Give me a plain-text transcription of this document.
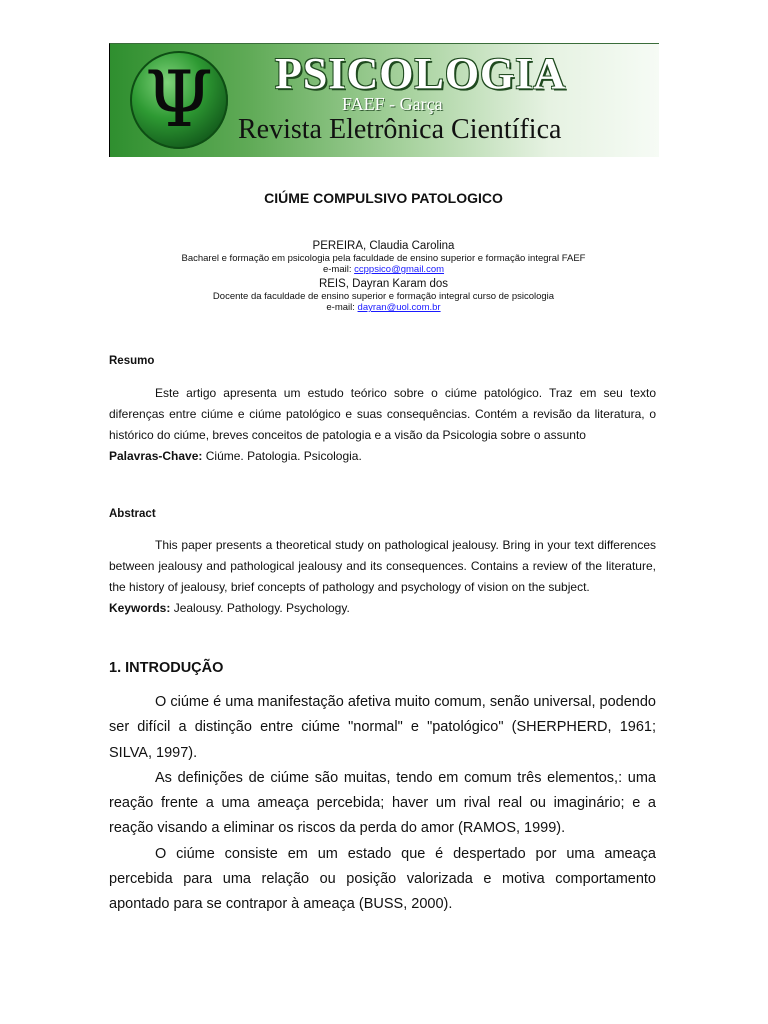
Ψ	PSICOLOGIA
FAEF - Garça
Revista Eletrônica Científica
CIÚME COMPULSIVO PATOLOGICO
PEREIRA, Claudia Carolina
Bacharel e formação em psicologia pela faculdade de ensino superior e formação integral FAEF
e-mail: ccppsico@gmail.com
REIS, Dayran Karam dos
Docente da faculdade de ensino superior e formação integral curso de psicologia
e-mail: dayran@uol.com.br
Resumo

Este artigo apresenta um estudo teórico sobre o ciúme patológico. Traz em seu texto diferenças entre ciúme e ciúme patológico e suas consequências. Contém a revisão da literatura, o histórico do ciúme, breves conceitos de patologia e a visão da Psicologia sobre o assunto

Palavras-Chave: Ciúme. Patologia. Psicologia.

Abstract

This paper presents a theoretical study on pathological jealousy. Bring in your text differences between jealousy and pathological jealousy and its consequences. Contains a review of the literature, the history of jealousy, brief concepts of pathology and psychology of vision on the subject.

Keywords: Jealousy. Pathology. Psychology.

1. INTRODUÇÃO

O ciúme é uma manifestação afetiva muito comum, senão universal, podendo ser difícil a distinção entre ciúme "normal" e "patológico" (SHERPHERD, 1961; SILVA, 1997).

As definições de ciúme são muitas, tendo em comum três elementos,: uma reação frente a uma ameaça percebida; haver um rival real ou imaginário; e a reação visando a eliminar os riscos da perda do amor (RAMOS, 1999).

O ciúme consiste em um estado que é despertado por uma ameaça percebida para uma relação ou posição valorizada e motiva comportamento apontado para se contrapor à ameaça (BUSS, 2000).
